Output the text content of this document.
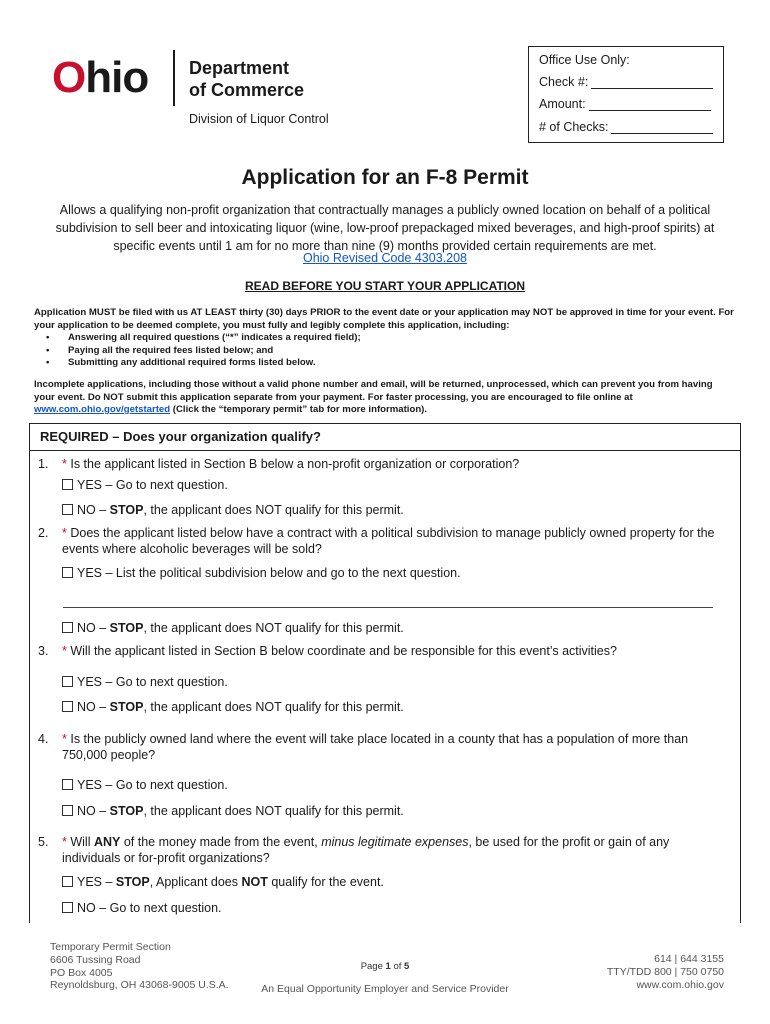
Ohio Department
of Commerce
Division of Liquor Control
Office Use Only:
Check #:
Amount:
# of Checks:
Application for an F-8 Permit
Allows a qualifying non-profit organization that contractually manages a publicly owned location on behalf of a political subdivision to sell beer and intoxicating liquor (wine, low-proof prepackaged mixed beverages, and high-proof spirits) at specific events until 1 am for no more than nine (9) months provided certain requirements are met.
Ohio Revised Code 4303.208
READ BEFORE YOU START YOUR APPLICATION
Application MUST be filed with us AT LEAST thirty (30) days PRIOR to the event date or your application may NOT be approved in time for your event. For your application to be deemed complete, you must fully and legibly complete this application, including:
• Answering all required questions (“*” indicates a required field);
• Paying all the required fees listed below; and
• Submitting any additional required forms listed below.
Incomplete applications, including those without a valid phone number and email, will be returned, unprocessed, which can prevent you from having your event. Do NOT submit this application separate from your payment. For faster processing, you are encouraged to file online at www.com.ohio.gov/getstarted (Click the “temporary permit” tab for more information).
REQUIRED – Does your organization qualify?
1. * Is the applicant listed in Section B below a non-profit organization or corporation?
YES – Go to next question.
NO – STOP, the applicant does NOT qualify for this permit.
2. * Does the applicant listed below have a contract with a political subdivision to manage publicly owned property for the events where alcoholic beverages will be sold?
YES – List the political subdivision below and go to the next question.
NO – STOP, the applicant does NOT qualify for this permit.
3. * Will the applicant listed in Section B below coordinate and be responsible for this event’s activities?
YES – Go to next question.
NO – STOP, the applicant does NOT qualify for this permit.
4. * Is the publicly owned land where the event will take place located in a county that has a population of more than 750,000 people?
YES – Go to next question.
NO – STOP, the applicant does NOT qualify for this permit.
5. * Will ANY of the money made from the event, minus legitimate expenses, be used for the profit or gain of any individuals or for-profit organizations?
YES – STOP, Applicant does NOT qualify for the event.
NO – Go to next question.
Temporary Permit Section
6606 Tussing Road
PO Box 4005
Reynoldsburg, OH 43068-9005 U.S.A.
Page 1 of 5
An Equal Opportunity Employer and Service Provider
614 | 644 3155
TTY/TDD 800 | 750 0750
www.com.ohio.gov
